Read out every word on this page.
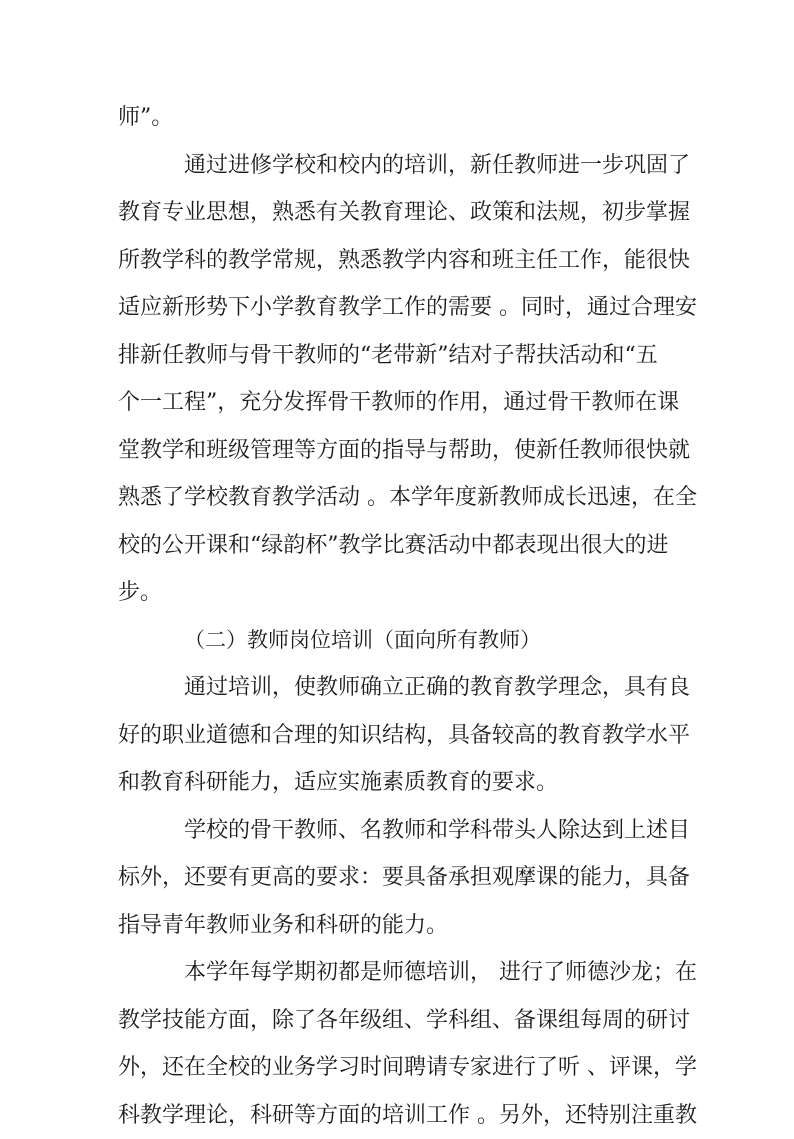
师”。
通过进修学校和校内的培训，新任教师进一步巩固了
教育专业思想，熟悉有关教育理论、政策和法规，初步掌握
所教学科的教学常规，熟悉教学内容和班主任工作，能很快
适应新形势下小学教育教学工作的需要 。同时，通过合理安
排新任教师与骨干教师的“老带新”结对子帮扶活动和“五
个一工程”，充分发挥骨干教师的作用，通过骨干教师在课
堂教学和班级管理等方面的指导与帮助，使新任教师很快就
熟悉了学校教育教学活动 。本学年度新教师成长迅速，在全
校的公开课和“绿韵杯”教学比赛活动中都表现出很大的进
步。
（二）教师岗位培训（面向所有教师）
通过培训，使教师确立正确的教育教学理念，具有良
好的职业道德和合理的知识结构，具备较高的教育教学水平
和教育科研能力，适应实施素质教育的要求。
学校的骨干教师、名教师和学科带头人除达到上述目
标外，还要有更高的要求：要具备承担观摩课的能力，具备
指导青年教师业务和科研的能力。
本学年每学期初都是师德培训， 进行了师德沙龙；在
教学技能方面，除了各年级组、学科组、备课组每周的研讨
外，还在全校的业务学习时间聘请专家进行了听 、评课，学
科教学理论，科研等方面的培训工作 。另外，还特别注重教
